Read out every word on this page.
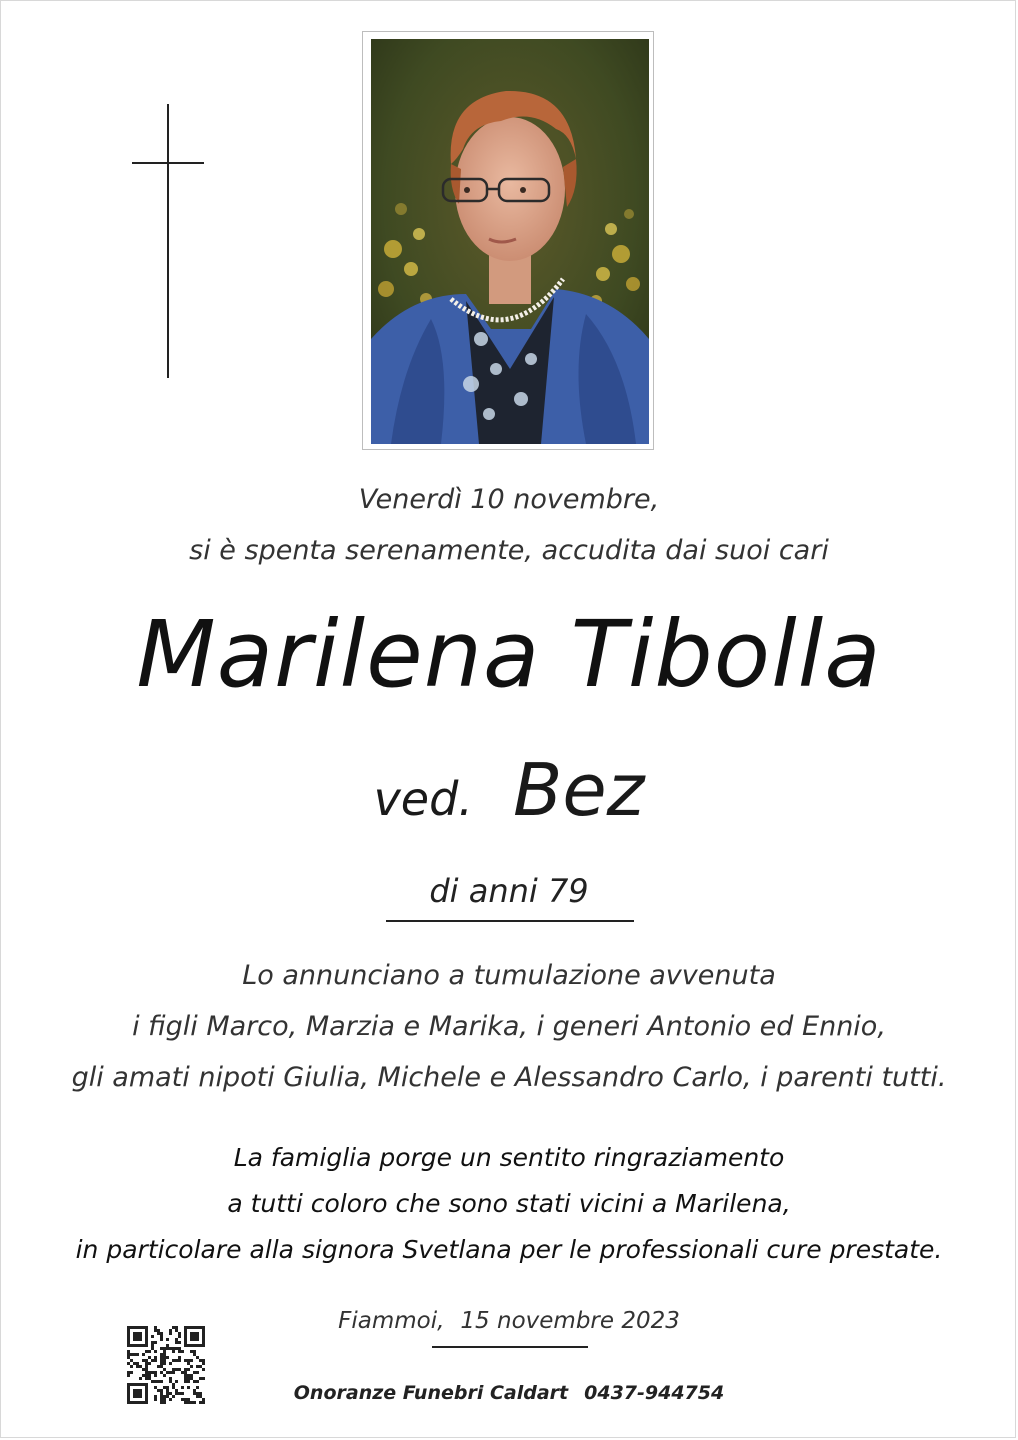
Venerdì 10 novembre,
si è spenta serenamente, accudita dai suoi cari
Marilena Tibolla
ved. Bez
di anni 79
Lo annunciano a tumulazione avvenuta
i figli Marco, Marzia e Marika, i generi Antonio ed Ennio,
gli amati nipoti Giulia, Michele e Alessandro Carlo, i parenti tutti.
La famiglia porge un sentito ringraziamento
a tutti coloro che sono stati vicini a Marilena,
in particolare alla signora Svetlana per le professionali cure prestate.
Fiammoi, 15 novembre 2023
Onoranze Funebri Caldart 0437-944754
